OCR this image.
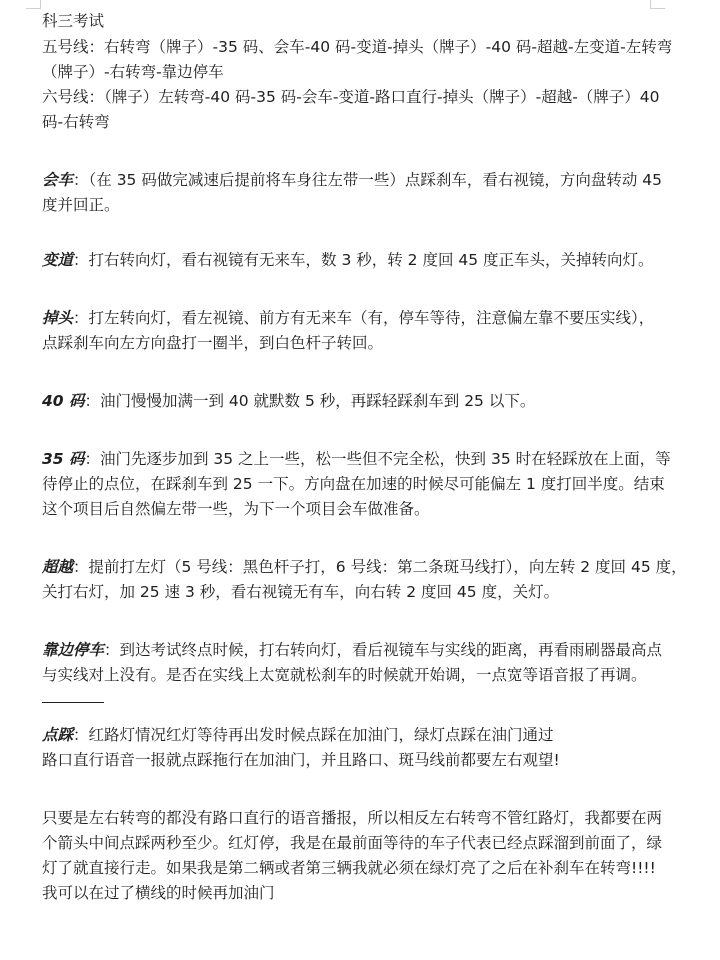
科三考试
五号线：右转弯（牌子）-35 码、会车-40 码-变道-掉头（牌子）-40 码-超越-左变道-左转弯
（牌子）-右转弯-靠边停车
六号线：（牌子）左转弯-40 码-35 码-会车-变道-路口直行-掉头（牌子）-超越-（牌子）40
码-右转弯
会车：（在 35 码做完减速后提前将车身往左带一些）点踩刹车，看右视镜，方向盘转动 45
度并回正。
变道：打右转向灯，看右视镜有无来车，数 3 秒，转 2 度回 45 度正车头，关掉转向灯。
掉头：打左转向灯，看左视镜、前方有无来车（有，停车等待，注意偏左靠不要压实线），
点踩刹车向左方向盘打一圈半，到白色杆子转回。
40 码：油门慢慢加满一到 40 就默数 5 秒，再踩轻踩刹车到 25 以下。
35 码：油门先逐步加到 35 之上一些，松一些但不完全松，快到 35 时在轻踩放在上面，等
待停止的点位，在踩刹车到 25 一下。方向盘在加速的时候尽可能偏左 1 度打回半度。结束
这个项目后自然偏左带一些，为下一个项目会车做准备。
超越：提前打左灯（5 号线：黑色杆子打，6 号线：第二条斑马线打），向左转 2 度回 45 度，
关打右灯，加 25 速 3 秒，看右视镜无有车，向右转 2 度回 45 度，关灯。
靠边停车：到达考试终点时候，打右转向灯，看后视镜车与实线的距离，再看雨刷器最高点
与实线对上没有。是否在实线上太宽就松刹车的时候就开始调，一点宽等语音报了再调。
点踩：红路灯情况红灯等待再出发时候点踩在加油门，绿灯点踩在油门通过
路口直行语音一报就点踩拖行在加油门，并且路口、斑马线前都要左右观望!
只要是左右转弯的都没有路口直行的语音播报，所以相反左右转弯不管红路灯，我都要在两
个箭头中间点踩两秒至少。红灯停，我是在最前面等待的车子代表已经点踩溜到前面了，绿
灯了就直接行走。如果我是第二辆或者第三辆我就必须在绿灯亮了之后在补刹车在转弯!!!!
我可以在过了横线的时候再加油门
